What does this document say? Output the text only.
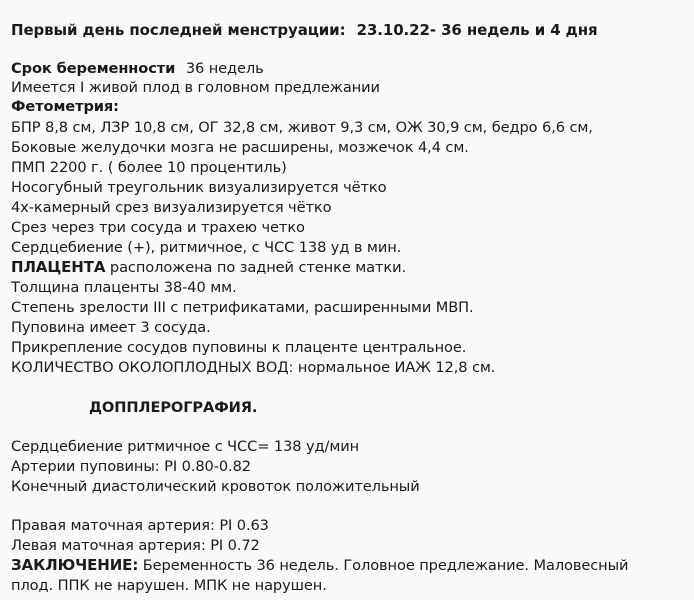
Первый день последней менструации: 23.10.22- 36 недель и 4 дня
Срок беременности 36 недель
Имеется I живой плод в головном предлежании
Фетометрия:
БПР 8,8 см, ЛЗР 10,8 см, ОГ 32,8 см, живот 9,3 см, ОЖ 30,9 см, бедро 6,6 см,
Боковые желудочки мозга не расширены, мозжечок 4,4 см.
ПМП 2200 г. ( более 10 процентиль)
Носогубный треугольник визуализируется чётко
4х-камерный срез визуализируется чётко
Срез через три сосуда и трахею четко
Сердцебиение (+), ритмичное, с ЧСС 138 уд в мин.
ПЛАЦЕНТА расположена по задней стенке матки.
Толщина плаценты 38-40 мм.
Степень зрелости III с петрификатами, расширенными МВП.
Пуповина имеет 3 сосуда.
Прикрепление сосудов пуповины к плаценте центральное.
КОЛИЧЕСТВО ОКОЛОПЛОДНЫХ ВОД: нормальное ИАЖ 12,8 см.
ДОППЛЕРОГРАФИЯ.
Сердцебиение ритмичное с ЧСС= 138 уд/мин
Артерии пуповины: PI 0.80-0.82
Конечный диастолический кровоток положительный
Правая маточная артерия: PI 0.63
Левая маточная артерия: PI 0.72
ЗАКЛЮЧЕНИЕ: Беременность 36 недель. Головное предлежание. Маловесный
плод. ППК не нарушен. МПК не нарушен.
